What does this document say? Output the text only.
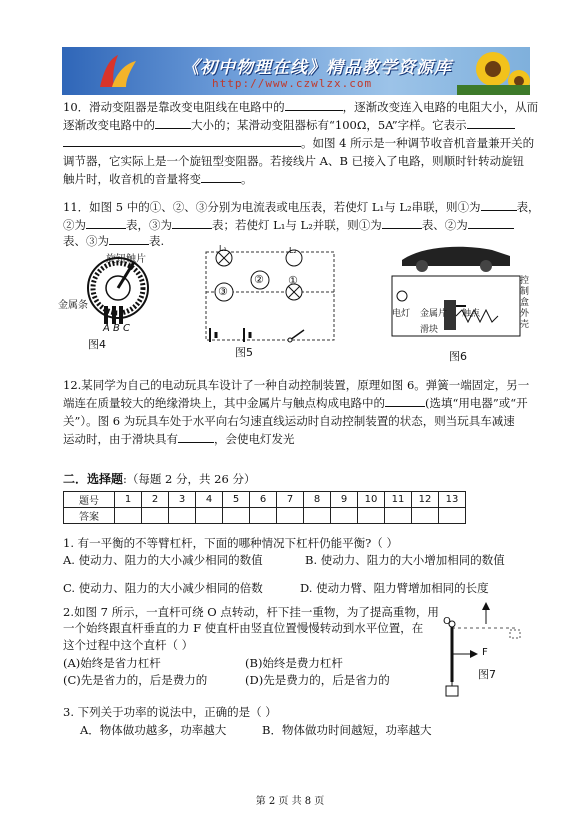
《初中物理在线》精品教学资源库
http://www.czwlzx.com
10．滑动变阻器是靠改变电阻线在电路中的	，逐渐改变连入电路的电阻大小，从而
逐渐改变电路中的	大小的；某滑动变阻器标有“100Ω，5A”字样。它表示
。如图 4 所示是一种调节收音机音量兼开关的
调节器，它实际上是一个旋钮型变阻器。若接线片 A、B 已接入了电路，则顺时针转动旋钮
触片时，收音机的音量将变	。
11．如图 5 中的①、②、③分别为电流表或电压表，若使灯 L₁与 L₂串联，则①为	表，
②为	表，③为	表；若使灯 L₁与 L₂并联，则①为	表、②为
表、③为	表.
旋钮触片
金属条
A B C
图4
L₁	L₂
③
② ①
图5
电灯 金属片 触点
滑块
控制盒外壳
图6
12.某同学为自己的电动玩具车设计了一种自动控制装置，原理如图 6。弹簧一端固定，另一
端连在质量较大的绝缘滑块上，其中金属片与触点构成电路中的	(选填“用电器”或“开
关”）。图 6 为玩具车处于水平向右匀速直线运动时自动控制装置的状态，则当玩具车减速
运动时，由于滑块具有	，会使电灯发光
二．选择题:（每题 2 分，共 26 分）
题号	1	2	3	4	5	6	7	8	9	10	11	12	13
答案													
1. 有一平衡的不等臂杠杆，下面的哪种情况下杠杆仍能平衡?（ ）
A. 使动力、阻力的大小减少相同的数值	B. 使动力、阻力的大小增加相同的数值
C. 使动力、阻力的大小减少相同的倍数	D. 使动力臂、阻力臂增加相同的长度
2.如图 7 所示，一直杆可绕 O 点转动，杆下挂一重物，为了提高重物，用
一个始终跟直杆垂直的力 F 使直杆由竖直位置慢慢转动到水平位置，在
这个过程中这个直杆（ ）
(A)始终是省力杠杆	(B)始终是费力杠杆
(C)先是省力的，后是费力的	(D)先是费力的，后是省力的
O
F
图7
3. 下列关于功率的说法中，正确的是（ ）
A．物体做功越多，功率越大	B．物体做功时间越短，功率越大
第 2 页 共 8 页
